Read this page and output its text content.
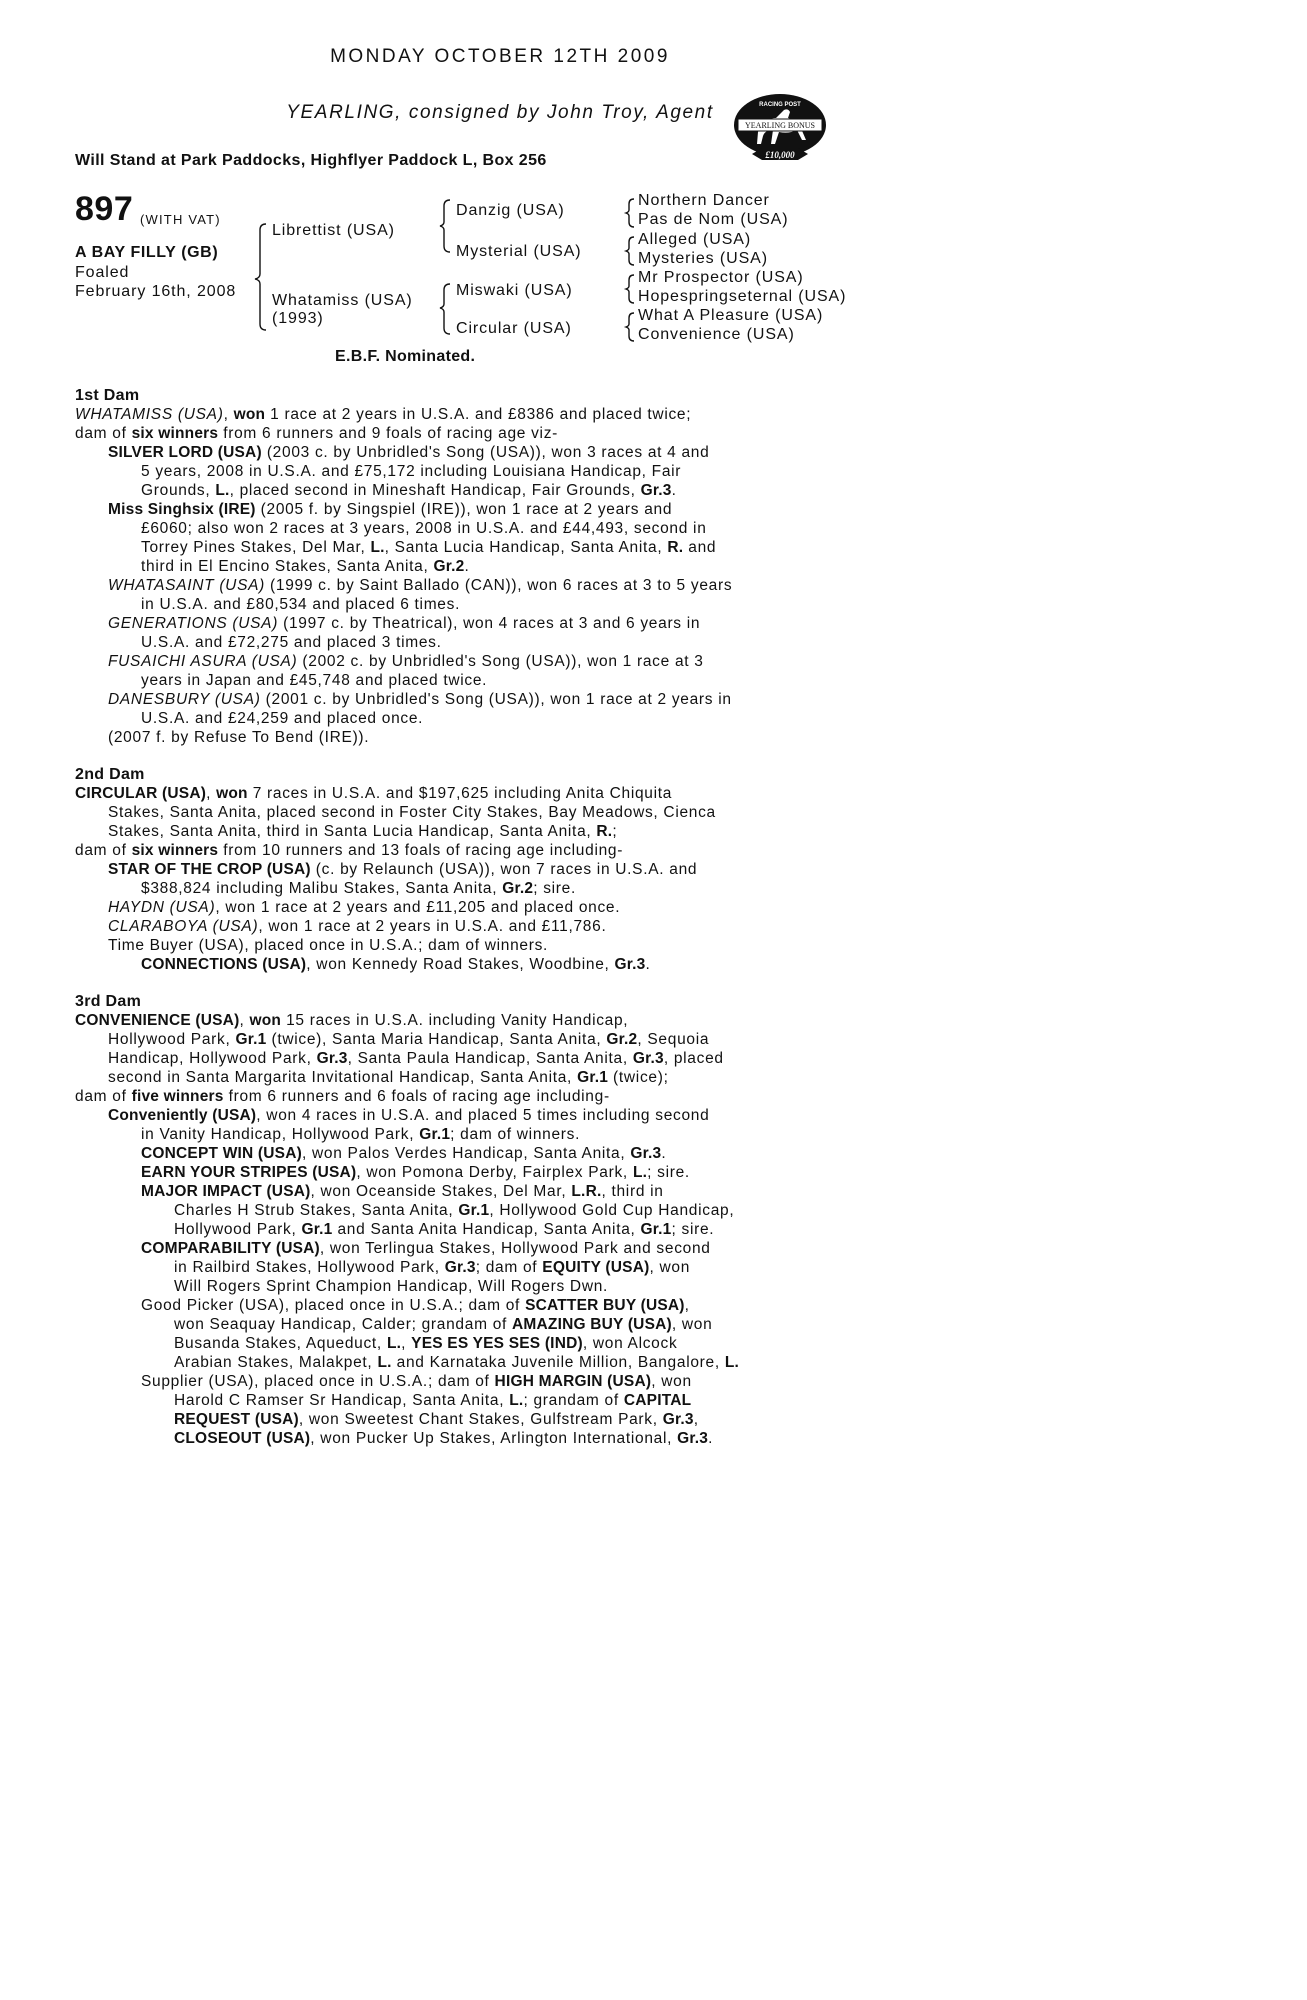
MONDAY OCTOBER 12TH 2009
YEARLING, consigned by John Troy, Agent
Will Stand at Park Paddocks, Highflyer Paddock L, Box 256
RACING POST
YEARLING BONUS
£10,000
897 (WITH VAT)
A BAY FILLY (GB)
Foaled
February 16th, 2008
Librettist (USA)
Whatamiss (USA)
(1993)
Danzig (USA)
Mysterial (USA)
Miswaki (USA)
Circular (USA)
Northern Dancer
Pas de Nom (USA)
Alleged (USA)
Mysteries (USA)
Mr Prospector (USA)
Hopespringseternal (USA)
What A Pleasure (USA)
Convenience (USA)
E.B.F. Nominated.
1st Dam
WHATAMISS (USA), won 1 race at 2 years in U.S.A. and £8386 and placed twice;
dam of six winners from 6 runners and 9 foals of racing age viz-
SILVER LORD (USA) (2003 c. by Unbridled's Song (USA)), won 3 races at 4 and
5 years, 2008 in U.S.A. and £75,172 including Louisiana Handicap, Fair
Grounds, L., placed second in Mineshaft Handicap, Fair Grounds, Gr.3.
Miss Singhsix (IRE) (2005 f. by Singspiel (IRE)), won 1 race at 2 years and
£6060; also won 2 races at 3 years, 2008 in U.S.A. and £44,493, second in
Torrey Pines Stakes, Del Mar, L., Santa Lucia Handicap, Santa Anita, R. and
third in El Encino Stakes, Santa Anita, Gr.2.
WHATASAINT (USA) (1999 c. by Saint Ballado (CAN)), won 6 races at 3 to 5 years
in U.S.A. and £80,534 and placed 6 times.
GENERATIONS (USA) (1997 c. by Theatrical), won 4 races at 3 and 6 years in
U.S.A. and £72,275 and placed 3 times.
FUSAICHI ASURA (USA) (2002 c. by Unbridled's Song (USA)), won 1 race at 3
years in Japan and £45,748 and placed twice.
DANESBURY (USA) (2001 c. by Unbridled's Song (USA)), won 1 race at 2 years in
U.S.A. and £24,259 and placed once.
(2007 f. by Refuse To Bend (IRE)).
2nd Dam
CIRCULAR (USA), won 7 races in U.S.A. and $197,625 including Anita Chiquita
Stakes, Santa Anita, placed second in Foster City Stakes, Bay Meadows, Cienca
Stakes, Santa Anita, third in Santa Lucia Handicap, Santa Anita, R.;
dam of six winners from 10 runners and 13 foals of racing age including-
STAR OF THE CROP (USA) (c. by Relaunch (USA)), won 7 races in U.S.A. and
$388,824 including Malibu Stakes, Santa Anita, Gr.2; sire.
HAYDN (USA), won 1 race at 2 years and £11,205 and placed once.
CLARABOYA (USA), won 1 race at 2 years in U.S.A. and £11,786.
Time Buyer (USA), placed once in U.S.A.; dam of winners.
CONNECTIONS (USA), won Kennedy Road Stakes, Woodbine, Gr.3.
3rd Dam
CONVENIENCE (USA), won 15 races in U.S.A. including Vanity Handicap,
Hollywood Park, Gr.1 (twice), Santa Maria Handicap, Santa Anita, Gr.2, Sequoia
Handicap, Hollywood Park, Gr.3, Santa Paula Handicap, Santa Anita, Gr.3, placed
second in Santa Margarita Invitational Handicap, Santa Anita, Gr.1 (twice);
dam of five winners from 6 runners and 6 foals of racing age including-
Conveniently (USA), won 4 races in U.S.A. and placed 5 times including second
in Vanity Handicap, Hollywood Park, Gr.1; dam of winners.
CONCEPT WIN (USA), won Palos Verdes Handicap, Santa Anita, Gr.3.
EARN YOUR STRIPES (USA), won Pomona Derby, Fairplex Park, L.; sire.
MAJOR IMPACT (USA), won Oceanside Stakes, Del Mar, L.R., third in
Charles H Strub Stakes, Santa Anita, Gr.1, Hollywood Gold Cup Handicap,
Hollywood Park, Gr.1 and Santa Anita Handicap, Santa Anita, Gr.1; sire.
COMPARABILITY (USA), won Terlingua Stakes, Hollywood Park and second
in Railbird Stakes, Hollywood Park, Gr.3; dam of EQUITY (USA), won
Will Rogers Sprint Champion Handicap, Will Rogers Dwn.
Good Picker (USA), placed once in U.S.A.; dam of SCATTER BUY (USA),
won Seaquay Handicap, Calder; grandam of AMAZING BUY (USA), won
Busanda Stakes, Aqueduct, L., YES ES YES SES (IND), won Alcock
Arabian Stakes, Malakpet, L. and Karnataka Juvenile Million, Bangalore, L.
Supplier (USA), placed once in U.S.A.; dam of HIGH MARGIN (USA), won
Harold C Ramser Sr Handicap, Santa Anita, L.; grandam of CAPITAL
REQUEST (USA), won Sweetest Chant Stakes, Gulfstream Park, Gr.3,
CLOSEOUT (USA), won Pucker Up Stakes, Arlington International, Gr.3.
